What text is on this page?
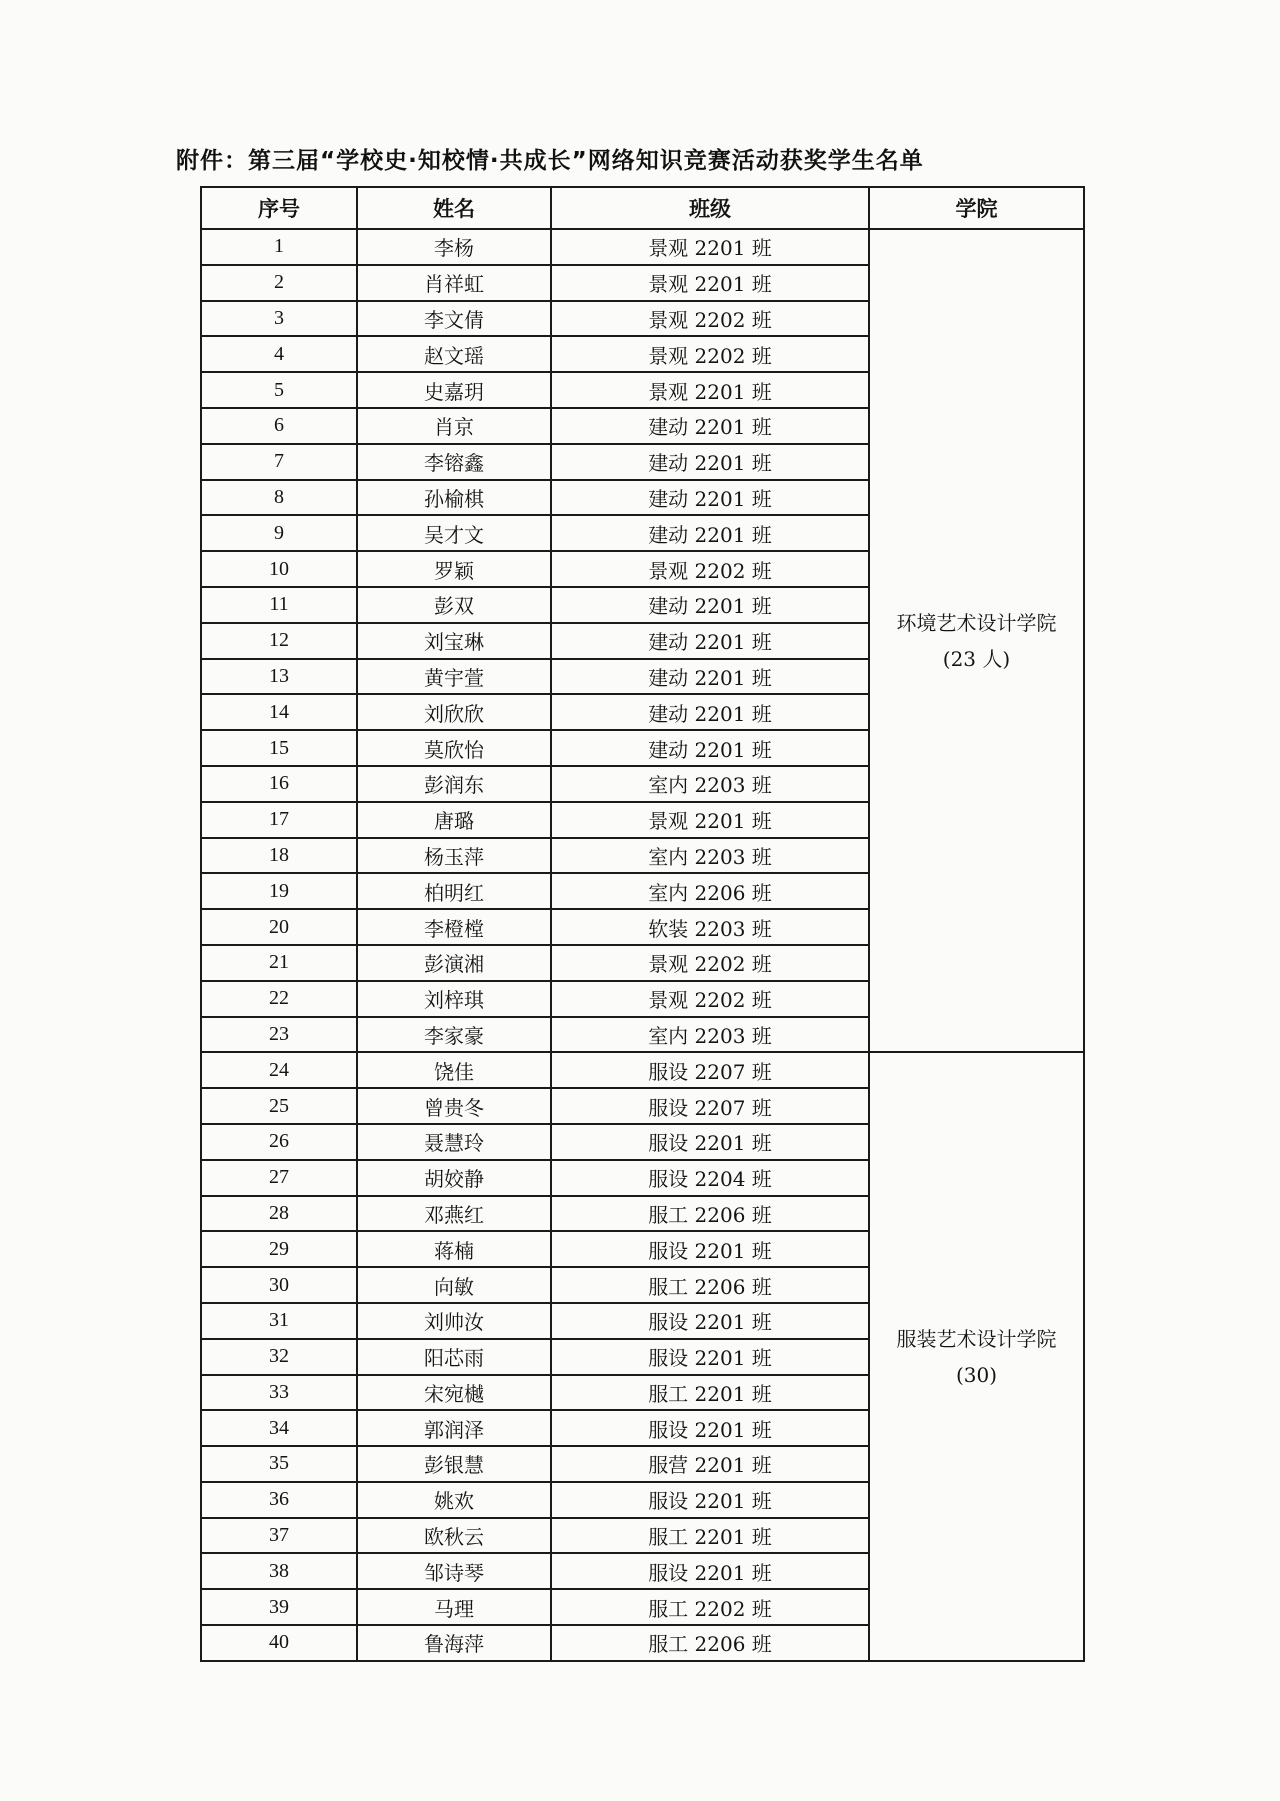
附件：第三届“学校史·知校情·共成长”网络知识竞赛活动获奖学生名单
序号	姓名	班级	学院
1	李杨	景观 2201 班	环境艺术设计学院(23 人)
2	肖祥虹	景观 2201 班	
3	李文倩	景观 2202 班	
4	赵文瑶	景观 2202 班	
5	史嘉玥	景观 2201 班	
6	肖京	建动 2201 班	
7	李镕鑫	建动 2201 班	
8	孙榆棋	建动 2201 班	
9	吴才文	建动 2201 班	
10	罗颖	景观 2202 班	
11	彭双	建动 2201 班	
12	刘宝琳	建动 2201 班	
13	黄宇萱	建动 2201 班	
14	刘欣欣	建动 2201 班	
15	莫欣怡	建动 2201 班	
16	彭润东	室内 2203 班	
17	唐璐	景观 2201 班	
18	杨玉萍	室内 2203 班	
19	柏明红	室内 2206 班	
20	李橙樘	软装 2203 班	
21	彭演湘	景观 2202 班	
22	刘梓琪	景观 2202 班	
23	李家豪	室内 2203 班	
24	饶佳	服设 2207 班	服装艺术设计学院(30)
25	曾贵冬	服设 2207 班	
26	聂慧玲	服设 2201 班	
27	胡姣静	服设 2204 班	
28	邓燕红	服工 2206 班	
29	蒋楠	服设 2201 班	
30	向敏	服工 2206 班	
31	刘帅汝	服设 2201 班	
32	阳芯雨	服设 2201 班	
33	宋宛樾	服工 2201 班	
34	郭润泽	服设 2201 班	
35	彭银慧	服营 2201 班	
36	姚欢	服设 2201 班	
37	欧秋云	服工 2201 班	
38	邹诗琴	服设 2201 班	
39	马理	服工 2202 班	
40	鲁海萍	服工 2206 班	
